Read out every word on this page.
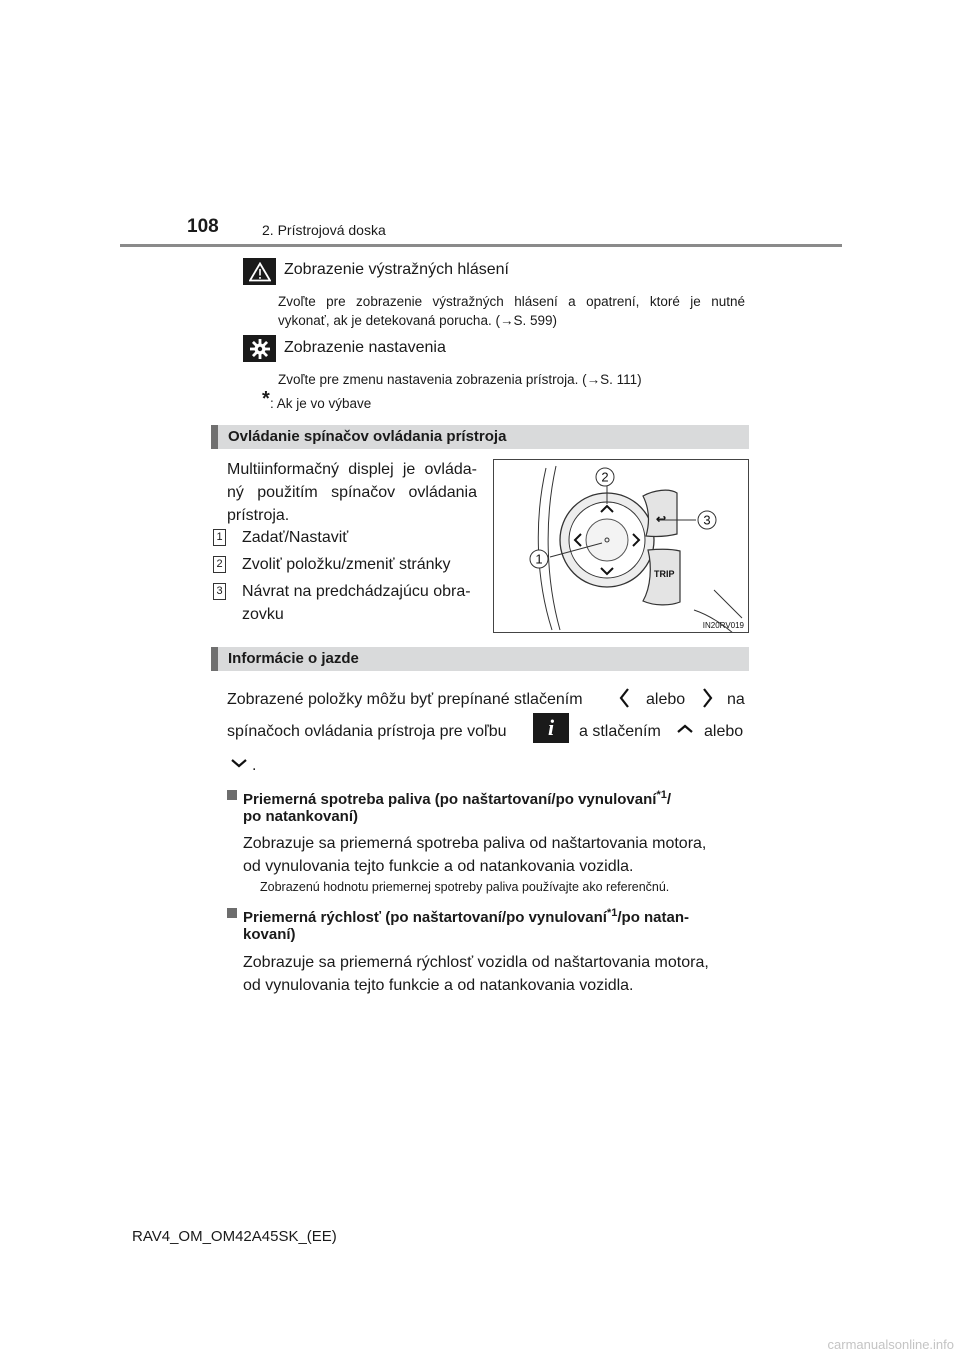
108	2. Prístrojová doska
Zobrazenie výstražných hlásení
Zvoľte pre zobrazenie výstražných hlásení a opatrení, ktoré je nutné
vykonať, ak je detekovaná porucha. (→S. 599)
Zobrazenie nastavenia
Zvoľte pre zmenu nastavenia zobrazenia prístroja. (→S. 111)
* : Ak je vo výbave
Ovládanie spínačov ovládania prístroja
Multiinformačný displej je ovláda-
ný použitím spínačov ovládania
prístroja.
1 Zadať/Nastaviť
2 Zvoliť položku/zmeniť stránky
3 Návrat na predchádzajúcu obra-
zovku
↩
TRIP
2
1
3
IN20RV019
Informácie o jazde
Zobrazené položky môžu byť prepínané stlačením	alebo	na
spínačoch ovládania prístroja pre voľbu	i	a stlačením	alebo
.
Priemerná spotreba paliva (po naštartovaní/po vynulovaní$^{*1}$/
po natankovaní)
Zobrazuje sa priemerná spotreba paliva od naštartovania motora,
od vynulovania tejto funkcie a od natankovania vozidla.
Zobrazenú hodnotu priemernej spotreby paliva používajte ako referenčnú.
Priemerná rýchlosť (po naštartovaní/po vynulovaní$^{*1}$/po natan-
kovaní)
Zobrazuje sa priemerná rýchlosť vozidla od naštartovania motora,
od vynulovania tejto funkcie a od natankovania vozidla.
RAV4_OM_OM42A45SK_(EE)
carmanualsonline.info
